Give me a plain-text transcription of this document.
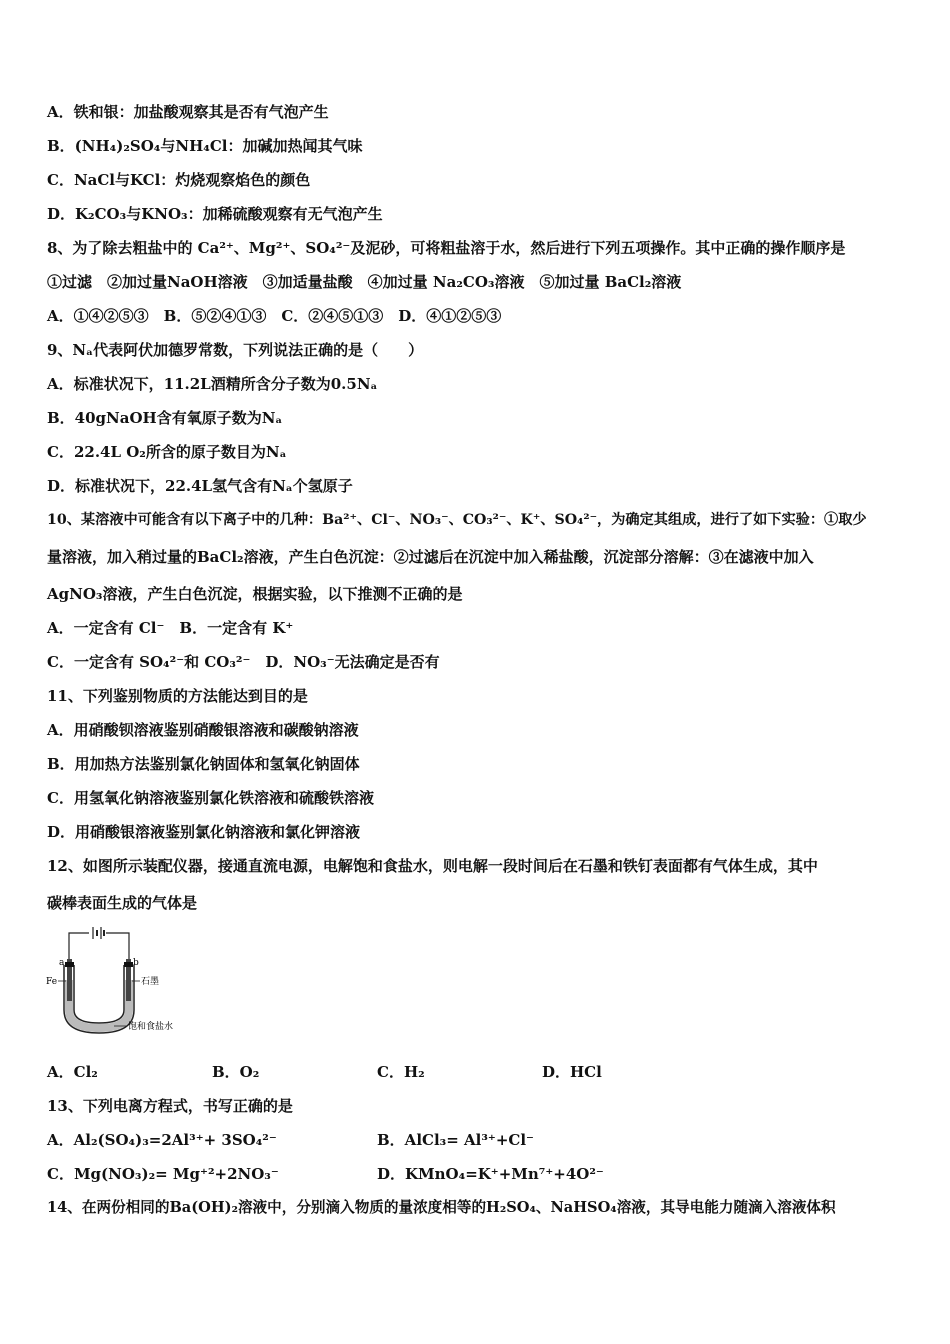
A．铁和银：加盐酸观察其是否有气泡产生
B．(NH₄)₂SO₄与NH₄Cl：加碱加热闻其气味
C．NaCl与KCl：灼烧观察焰色的颜色
D．K₂CO₃与KNO₃：加稀硫酸观察有无气泡产生
8、为了除去粗盐中的 Ca²⁺、Mg²⁺、SO₄²⁻及泥砂，可将粗盐溶于水，然后进行下列五项操作。其中正确的操作顺序是
①过滤　②加过量NaOH溶液　③加适量盐酸　④加过量 Na₂CO₃溶液　⑤加过量 BaCl₂溶液
A．①④②⑤③　B．⑤②④①③　C．②④⑤①③　D．④①②⑤③
9、Nₐ代表阿伏加德罗常数，下列说法正确的是（　　）
A．标准状况下，11.2L酒精所含分子数为0.5Nₐ
B．40gNaOH含有氧原子数为Nₐ
C．22.4L O₂所含的原子数目为Nₐ
D．标准状况下，22.4L氢气含有Nₐ个氢原子
10、某溶液中可能含有以下离子中的几种：Ba²⁺、Cl⁻、NO₃⁻、CO₃²⁻、K⁺、SO₄²⁻，为确定其组成，进行了如下实验：①取少
量溶液，加入稍过量的BaCl₂溶液，产生白色沉淀：②过滤后在沉淀中加入稀盐酸，沉淀部分溶解：③在滤液中加入
AgNO₃溶液，产生白色沉淀，根据实验，以下推测不正确的是
A．一定含有 Cl⁻　B．一定含有 K⁺
C．一定含有 SO₄²⁻和 CO₃²⁻　D．NO₃⁻无法确定是否有
11、下列鉴别物质的方法能达到目的是
A．用硝酸钡溶液鉴别硝酸银溶液和碳酸钠溶液
B．用加热方法鉴别氯化钠固体和氢氧化钠固体
C．用氢氧化钠溶液鉴别氯化铁溶液和硫酸铁溶液
D．用硝酸银溶液鉴别氯化钠溶液和氯化钾溶液
12、如图所示装配仪器，接通直流电源，电解饱和食盐水，则电解一段时间后在石墨和铁钉表面都有气体生成，其中
碳棒表面生成的气体是
a	b
Fe	石墨
饱和食盐水
A．Cl₂	B．O₂	C．H₂	D．HCl
13、下列电离方程式，书写正确的是
A．Al₂(SO₄)₃=2Al³⁺+ 3SO₄²⁻	B．AlCl₃= Al³⁺+Cl⁻
C．Mg(NO₃)₂= Mg⁺²+2NO₃⁻	D．KMnO₄=K⁺+Mn⁷⁺+4O²⁻
14、在两份相同的Ba(OH)₂溶液中，分别滴入物质的量浓度相等的H₂SO₄、NaHSO₄溶液，其导电能力随滴入溶液体积
